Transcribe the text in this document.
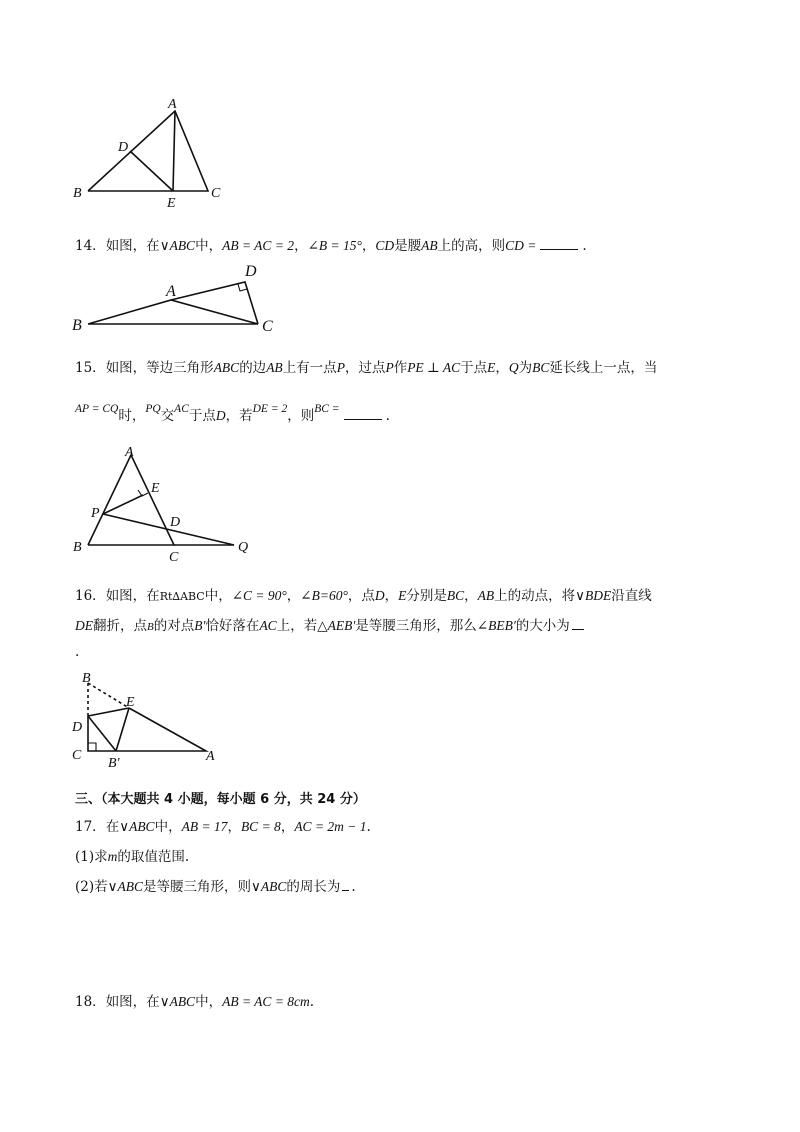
A
D
B
E
C
14．如图，在∨ABC中，AB = AC = 2，∠B = 15°，CD是腰AB上的高，则CD =	.
D
A
B	C
15．如图，等边三角形ABC的边AB上有一点P，过点P作PE ⊥ AC于点E，Q为BC延长线上一点，当
AP = CQ时，PQ交AC于点D，若DE = 2，则BC =	.
A
E
P
D
B
C
Q
16．如图，在Rt∆ABC中，∠C = 90°，∠B=60°，点D，E分别是BC，AB上的动点，将∨BDE沿直线
DE翻折，点B的对点B′恰好落在AC上，若△AEB′是等腰三角形，那么∠BEB′的大小为
.
B
E
D
C
B′	A
三、（本大题共 4 小题，每小题 6 分，共 24 分）
17．在∨ABC中，AB = 17，BC = 8，AC = 2m − 1.
(1)求m的取值范围.
(2)若∨ABC是等腰三角形，则∨ABC的周长为 .
18．如图，在∨ABC中，AB = AC = 8cm.
